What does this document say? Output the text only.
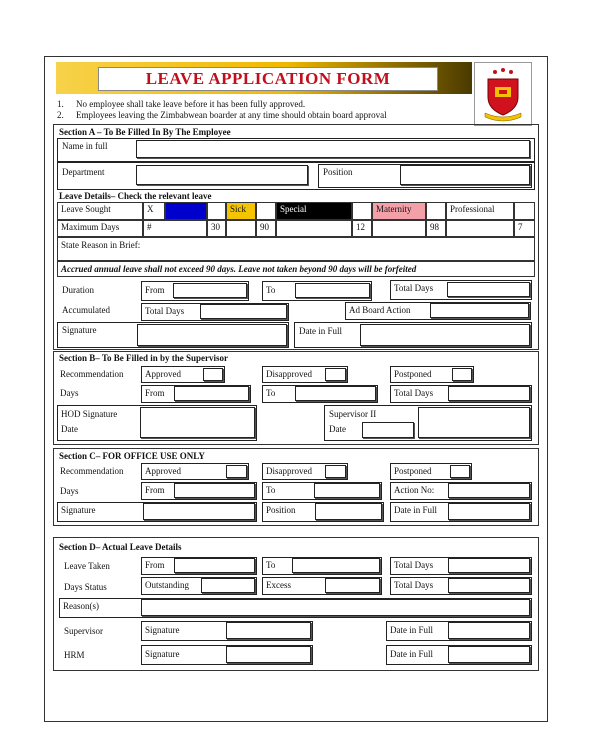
LEAVE APPLICATION FORM
1. No employee shall take leave before it has been fully approved.
2. Employees leaving the Zimbabwean boarder at any time should obtain board approval
Section A – To Be Filled In By The Employee
Name in full
Department	Position
Leave Details– Check the relevant leave
Leave Sought	X	Annual	Sick	Special	Maternity	Professional
Maximum Days	#	30	90	12	98	7
State Reason in Brief:
Accrued annual leave shall not exceed 90 days. Leave not taken beyond 90 days will be forfeited
Duration	From	To	Total Days
Accumulated	Total Days	Ad Board Action
Signature	Date in Full
Section B– To Be Filled in by the Supervisor
Recommendation Approved	Disapproved	Postponed
Days	From	To	Total Days
HOD Signature
Date
Supervisor II
Date
Section C– FOR OFFICE USE ONLY
Recommendation Approved	Disapproved	Postponed
Days	From	To	Action No:
Signature	Position	Date in Full
Section D– Actual Leave Details
Leave Taken	From	To	Total Days
Days Status	Outstanding	Excess	Total Days
Reason(s)
Supervisor	Signature	Date in Full
HRM	Signature	Date in Full
